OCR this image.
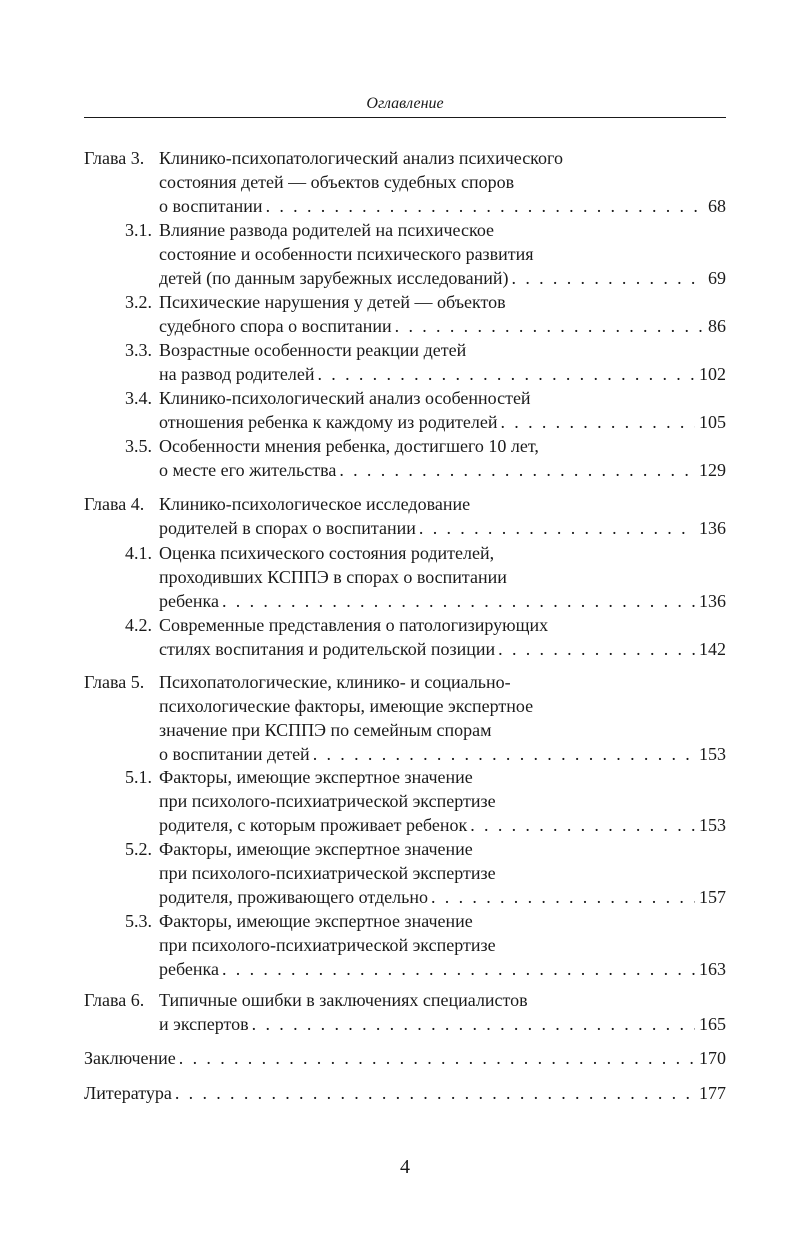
Оглавление
Глава 3. Клинико-психопатологический анализ психического
состояния детей — объектов судебных споров
о воспитании . . .	68
3.1. Влияние развода родителей на психическое
состояние и особенности психического развития
детей (по данным зарубежных исследований) . . .	69
3.2. Психические нарушения у детей — объектов
судебного спора о воспитании . . .	86
3.3. Возрастные особенности реакции детей
на развод родителей . . .	102
3.4. Клинико-психологический анализ особенностей
отношения ребенка к каждому из родителей . . .	105
3.5. Особенности мнения ребенка, достигшего 10 лет,
о месте его жительства . . .	129
Глава 4. Клинико-психологическое исследование
родителей в спорах о воспитании . . .	136
4.1. Оценка психического состояния родителей,
проходивших КСППЭ в спорах о воспитании
ребенка . . .	136
4.2. Современные представления о патологизирующих
стилях воспитания и родительской позиции . . .	142
Глава 5. Психопатологические, клинико- и социально-
психологические факторы, имеющие экспертное
значение при КСППЭ по семейным спорам
о воспитании детей . . .	153
5.1. Факторы, имеющие экспертное значение
при психолого-психиатрической экспертизе
родителя, с которым проживает ребенок . . .	153
5.2. Факторы, имеющие экспертное значение
при психолого-психиатрической экспертизе
родителя, проживающего отдельно . . .	157
5.3. Факторы, имеющие экспертное значение
при психолого-психиатрической экспертизе
ребенка . . .	163
Глава 6. Типичные ошибки в заключениях специалистов
и экспертов . . .	165
Заключение . . .	170
Литература . . .	177
4
